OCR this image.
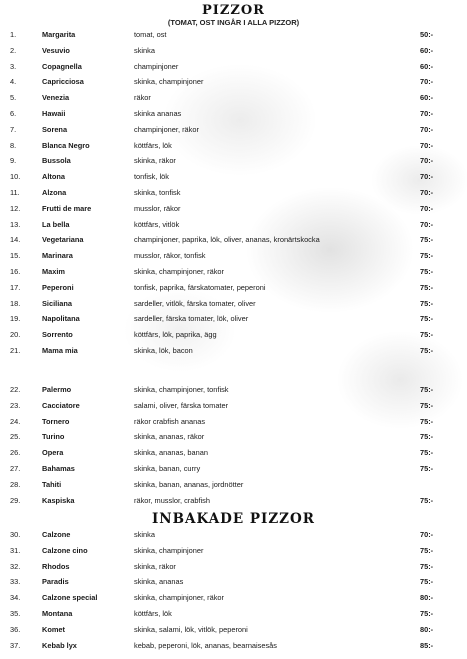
PIZZOR
(TOMAT, OST INGÅR I ALLA PIZZOR)
1.	Margarita	tomat, ost	50:-
2.	Vesuvio	skinka	60:-
3.	Copagnella	champinjoner	60:-
4.	Capricciosa	skinka, champinjoner	70:-
5.	Venezia	räkor	60:-
6.	Hawaii	skinka ananas	70:-
7.	Sorena	champinjoner, räkor	70:-
8.	Blanca Negro	köttfärs, lök	70:-
9.	Bussola	skinka, räkor	70:-
10.	Altona	tonfisk, lök	70:-
11.	Alzona	skinka, tonfisk	70:-
12.	Frutti de mare	musslor, räkor	70:-
13.	La bella	köttfärs, vitlök	70:-
14.	Vegetariana	champinjoner, paprika, lök, oliver, ananas, kronärtskocka	75:-
15.	Marinara	musslor, räkor, tonfisk	75:-
16.	Maxim	skinka, champinjoner, räkor	75:-
17.	Peperoni	tonfisk, paprika, färskatomater, peperoni	75:-
18.	Siciliana	sardeller, vitlök, färska tomater, oliver	75:-
19.	Napolitana	sardeller, färska tomater, lök, oliver	75:-
20.	Sorrento	köttfärs, lök, paprika, ägg	75:-
21.	Mama mia	skinka, lök, bacon	75:-
22.	Palermo	skinka, champinjoner, tonfisk	75:-
23.	Cacciatore	salami, oliver, färska tomater	75:-
24.	Tornero	räkor crabfish ananas	75:-
25.	Turino	skinka, ananas, räkor	75:-
26.	Opera	skinka, ananas, banan	75:-
27.	Bahamas	skinka, banan, curry	75:-
28.	Tahiti	skinka, banan, ananas, jordnötter
29.	Kaspiska	räkor, musslor, crabfish	75:-
INBAKADE PIZZOR
30.	Calzone	skinka	70:-
31.	Calzone cino	skinka, champinjoner	75:-
32.	Rhodos	skinka, räkor	75:-
33.	Paradis	skinka, ananas	75:-
34.	Calzone special	skinka, champinjoner, räkor	80:-
35.	Montana	köttfärs, lök	75:-
36.	Komet	skinka, salami, lök, vitlök, peperoni	80:-
37.	Kebab lyx	kebab, peperoni, lök, ananas, bearnaisesås	85:-
